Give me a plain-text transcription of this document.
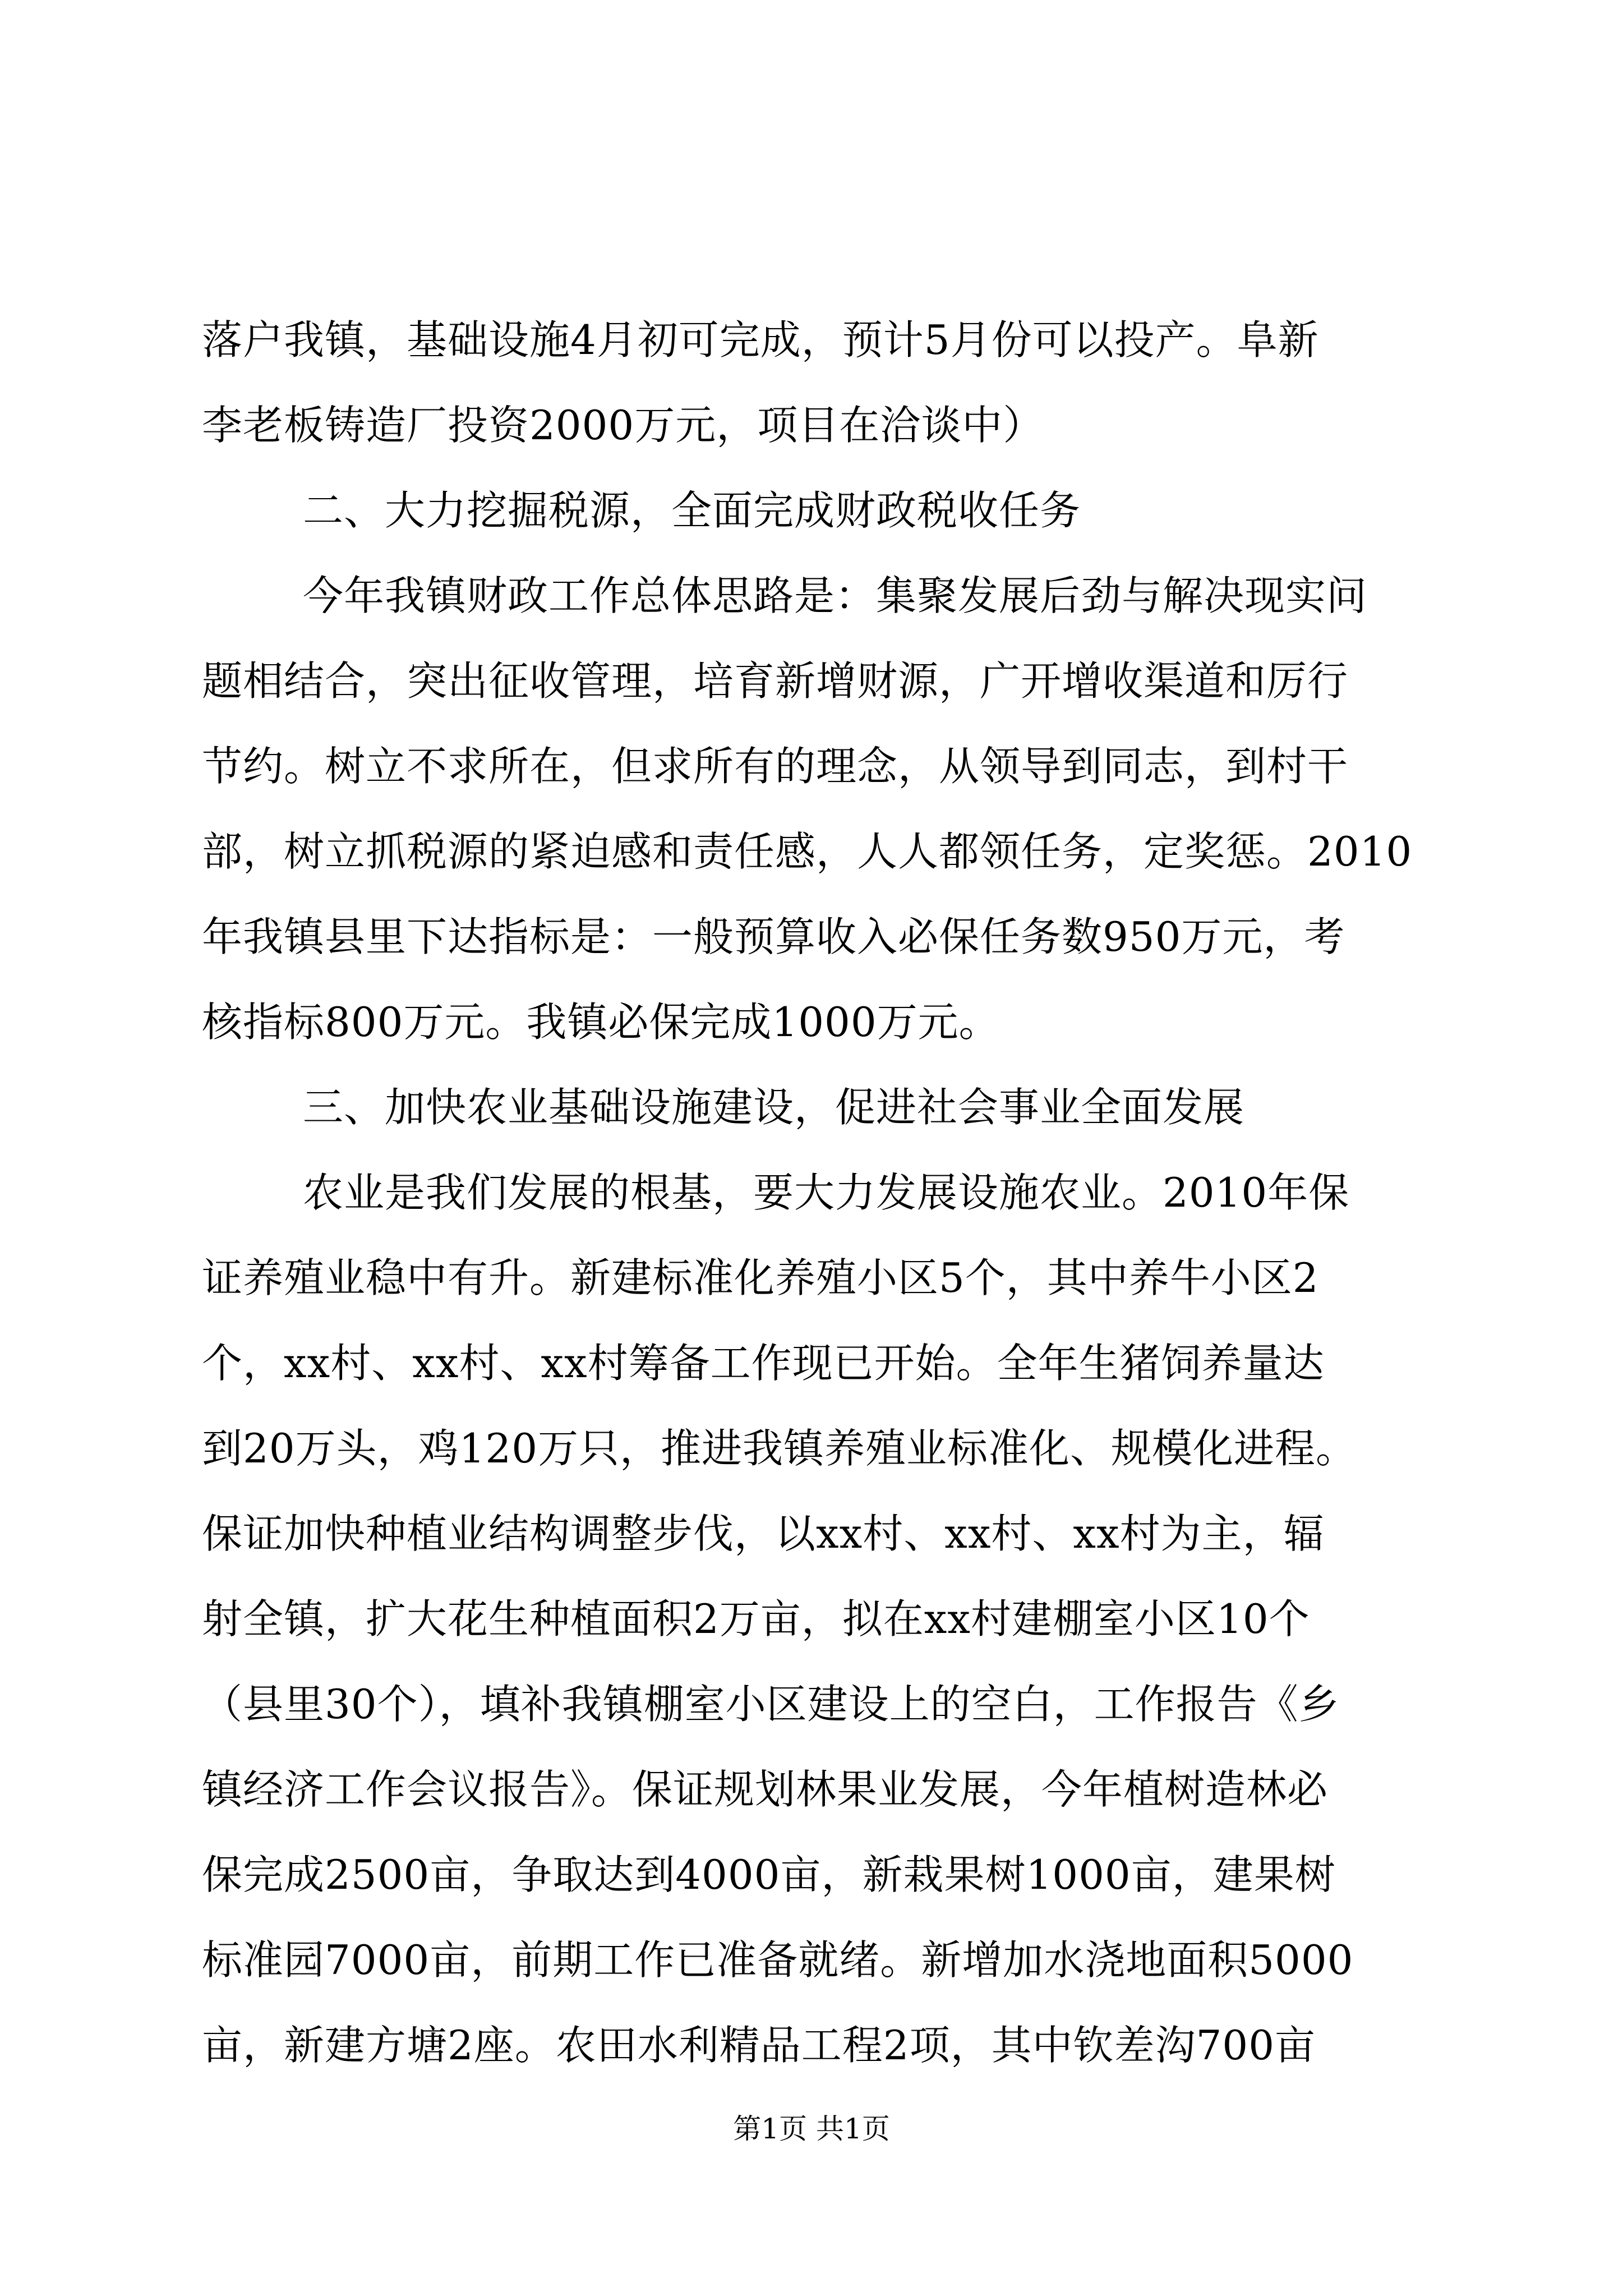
落户我镇，基础设施4月初可完成，预计5月份可以投产。阜新
李老板铸造厂投资2000万元，项目在洽谈中）
二、大力挖掘税源，全面完成财政税收任务
今年我镇财政工作总体思路是：集聚发展后劲与解决现实问
题相结合，突出征收管理，培育新增财源，广开增收渠道和厉行
节约。树立不求所在，但求所有的理念，从领导到同志，到村干
部，树立抓税源的紧迫感和责任感，人人都领任务，定奖惩。2010
年我镇县里下达指标是：一般预算收入必保任务数950万元，考
核指标800万元。我镇必保完成1000万元。
三、加快农业基础设施建设，促进社会事业全面发展
农业是我们发展的根基，要大力发展设施农业。2010年保
证养殖业稳中有升。新建标准化养殖小区5个，其中养牛小区2
个，xx村、xx村、xx村筹备工作现已开始。全年生猪饲养量达
到20万头，鸡120万只，推进我镇养殖业标准化、规模化进程。
保证加快种植业结构调整步伐，以xx村、xx村、xx村为主，辐
射全镇，扩大花生种植面积2万亩，拟在xx村建棚室小区10个
（县里30个），填补我镇棚室小区建设上的空白，工作报告《乡
镇经济工作会议报告》。保证规划林果业发展，今年植树造林必
保完成2500亩，争取达到4000亩，新栽果树1000亩，建果树
标准园7000亩，前期工作已准备就绪。新增加水浇地面积5000
亩，新建方塘2座。农田水利精品工程2项，其中钦差沟700亩
第1页 共1页
